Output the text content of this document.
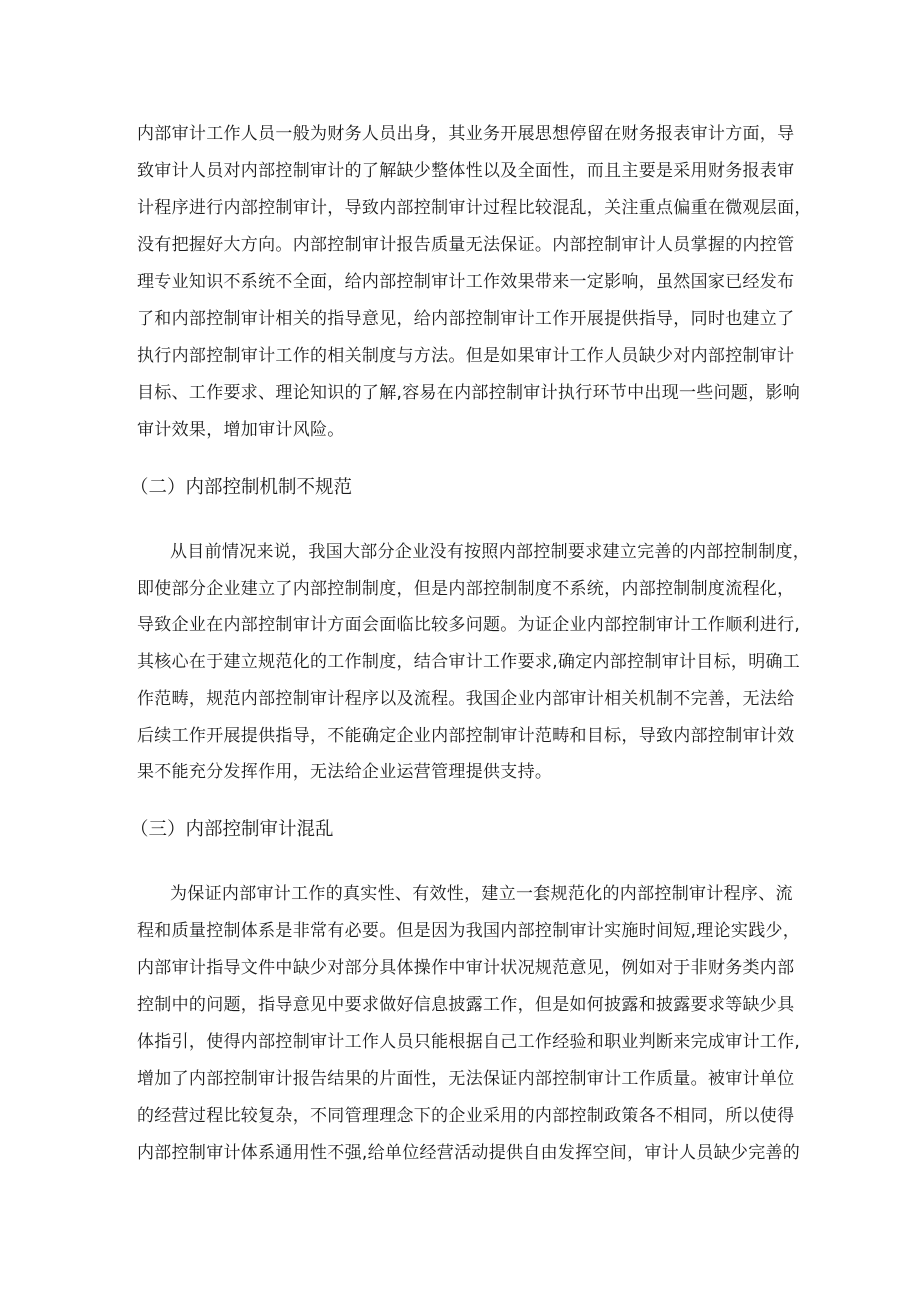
内部审计工作人员一般为财务人员出身，其业务开展思想停留在财务报表审计方面，导
致审计人员对内部控制审计的了解缺少整体性以及全面性，而且主要是采用财务报表审
计程序进行内部控制审计，导致内部控制审计过程比较混乱，关注重点偏重在微观层面，
没有把握好大方向。内部控制审计报告质量无法保证。内部控制审计人员掌握的内控管
理专业知识不系统不全面，给内部控制审计工作效果带来一定影响，虽然国家已经发布
了和内部控制审计相关的指导意见，给内部控制审计工作开展提供指导，同时也建立了
执行内部控制审计工作的相关制度与方法。但是如果审计工作人员缺少对内部控制审计
目标、工作要求、理论知识的了解,容易在内部控制审计执行环节中出现一些问题，影响
审计效果，增加审计风险。
（二）内部控制机制不规范
从目前情况来说，我国大部分企业没有按照内部控制要求建立完善的内部控制制度，
即使部分企业建立了内部控制制度，但是内部控制制度不系统，内部控制制度流程化，
导致企业在内部控制审计方面会面临比较多问题。为证企业内部控制审计工作顺利进行,
其核心在于建立规范化的工作制度，结合审计工作要求,确定内部控制审计目标，明确工
作范畴，规范内部控制审计程序以及流程。我国企业内部审计相关机制不完善，无法给
后续工作开展提供指导，不能确定企业内部控制审计范畴和目标，导致内部控制审计效
果不能充分发挥作用，无法给企业运营管理提供支持。
（三）内部控制审计混乱
为保证内部审计工作的真实性、有效性，建立一套规范化的内部控制审计程序、流
程和质量控制体系是非常有必要。但是因为我国内部控制审计实施时间短,理论实践少，
内部审计指导文件中缺少对部分具体操作中审计状况规范意见，例如对于非财务类内部
控制中的问题，指导意见中要求做好信息披露工作，但是如何披露和披露要求等缺少具
体指引，使得内部控制审计工作人员只能根据自己工作经验和职业判断来完成审计工作,
增加了内部控制审计报告结果的片面性，无法保证内部控制审计工作质量。被审计单位
的经营过程比较复杂，不同管理理念下的企业采用的内部控制政策各不相同，所以使得
内部控制审计体系通用性不强,给单位经营活动提供自由发挥空间，审计人员缺少完善的
